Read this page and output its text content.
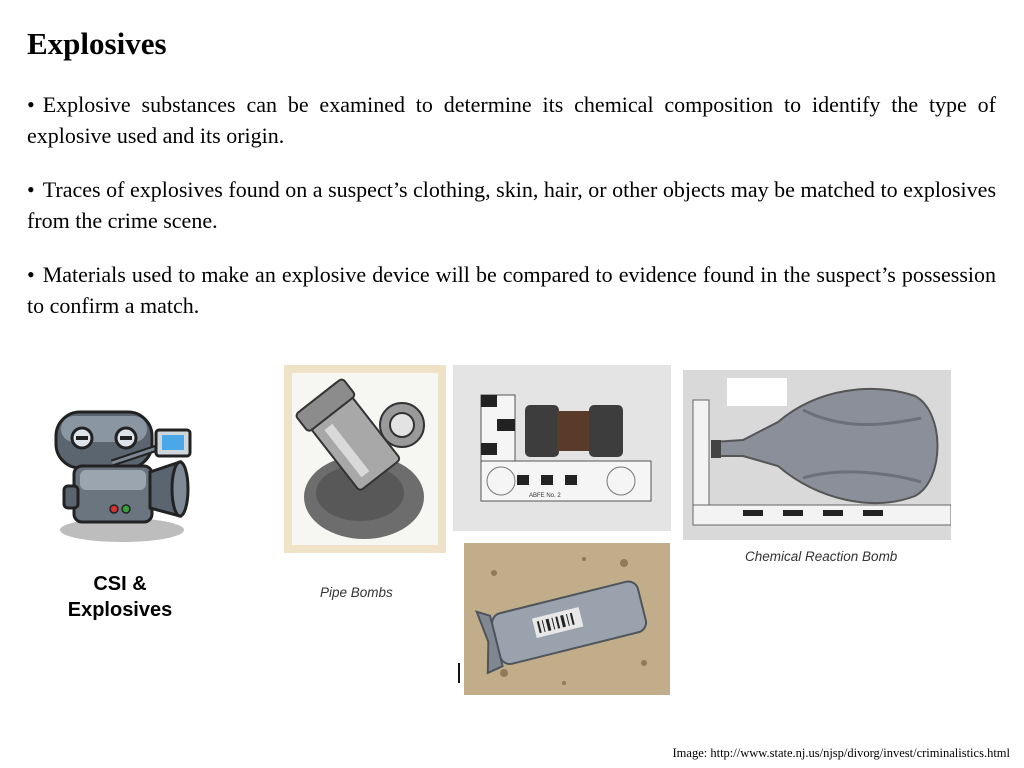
Explosives

• Explosive substances can be examined to determine its chemical composition to identify the type of explosive used and its origin.

• Traces of explosives found on a suspect’s clothing, skin, hair, or other objects may be matched to explosives from the crime scene.

• Materials used to make an explosive device will be compared to evidence found in the suspect’s possession to confirm a match.

CSI &
Explosives
ABFE No. 2
Pipe Bombs
Chemical Reaction Bomb
Image: http://www.state.nj.us/njsp/divorg/invest/criminalistics.html
